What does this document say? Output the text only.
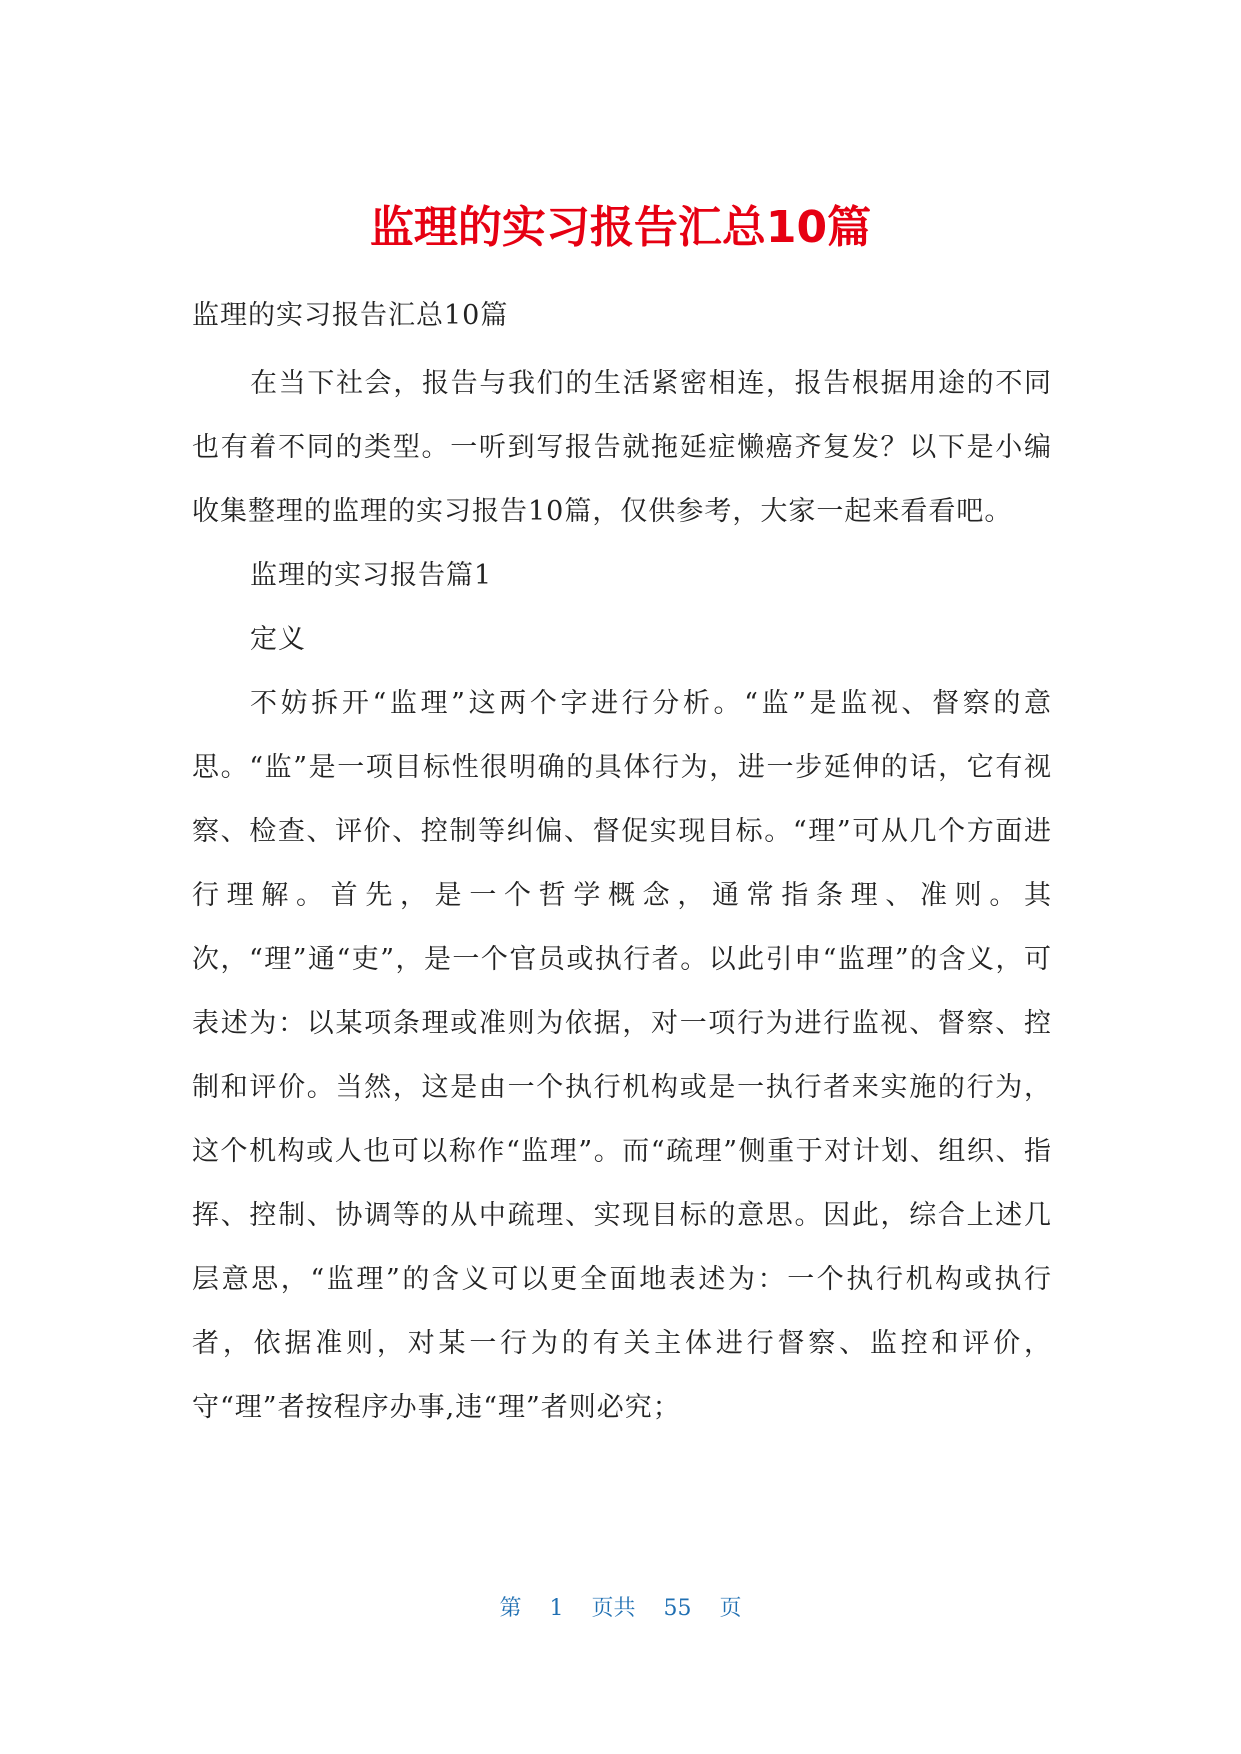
监理的实习报告汇总10篇

监理的实习报告汇总10篇

在当下社会，报告与我们的生活紧密相连，报告根据用途的不同也有着不同的类型。一听到写报告就拖延症懒癌齐复发？以下是小编收集整理的监理的实习报告10篇，仅供参考，大家一起来看看吧。

监理的实习报告篇1

定义

不妨拆开“监理”这两个字进行分析。“监”是监视、督察的意思。“监”是一项目标性很明确的具体行为，进一步延伸的话，它有视察、检查、评价、控制等纠偏、督促实现目标。“理”可从几个方面进行理解。首先，是一个哲学概念，通常指条理、准则。其次，“理”通“吏”，是一个官员或执行者。以此引申“监理”的含义，可表述为：以某项条理或准则为依据，对一项行为进行监视、督察、控制和评价。当然，这是由一个执行机构或是一执行者来实施的行为，这个机构或人也可以称作“监理”。而“疏理”侧重于对计划、组织、指挥、控制、协调等的从中疏理、实现目标的意思。因此，综合上述几层意思，“监理”的含义可以更全面地表述为：一个执行机构或执行者，依据准则，对某一行为的有关主体进行督察、监控和评价，守“理”者按程序办事,违“理”者则必究；

第 1 页共 55 页
